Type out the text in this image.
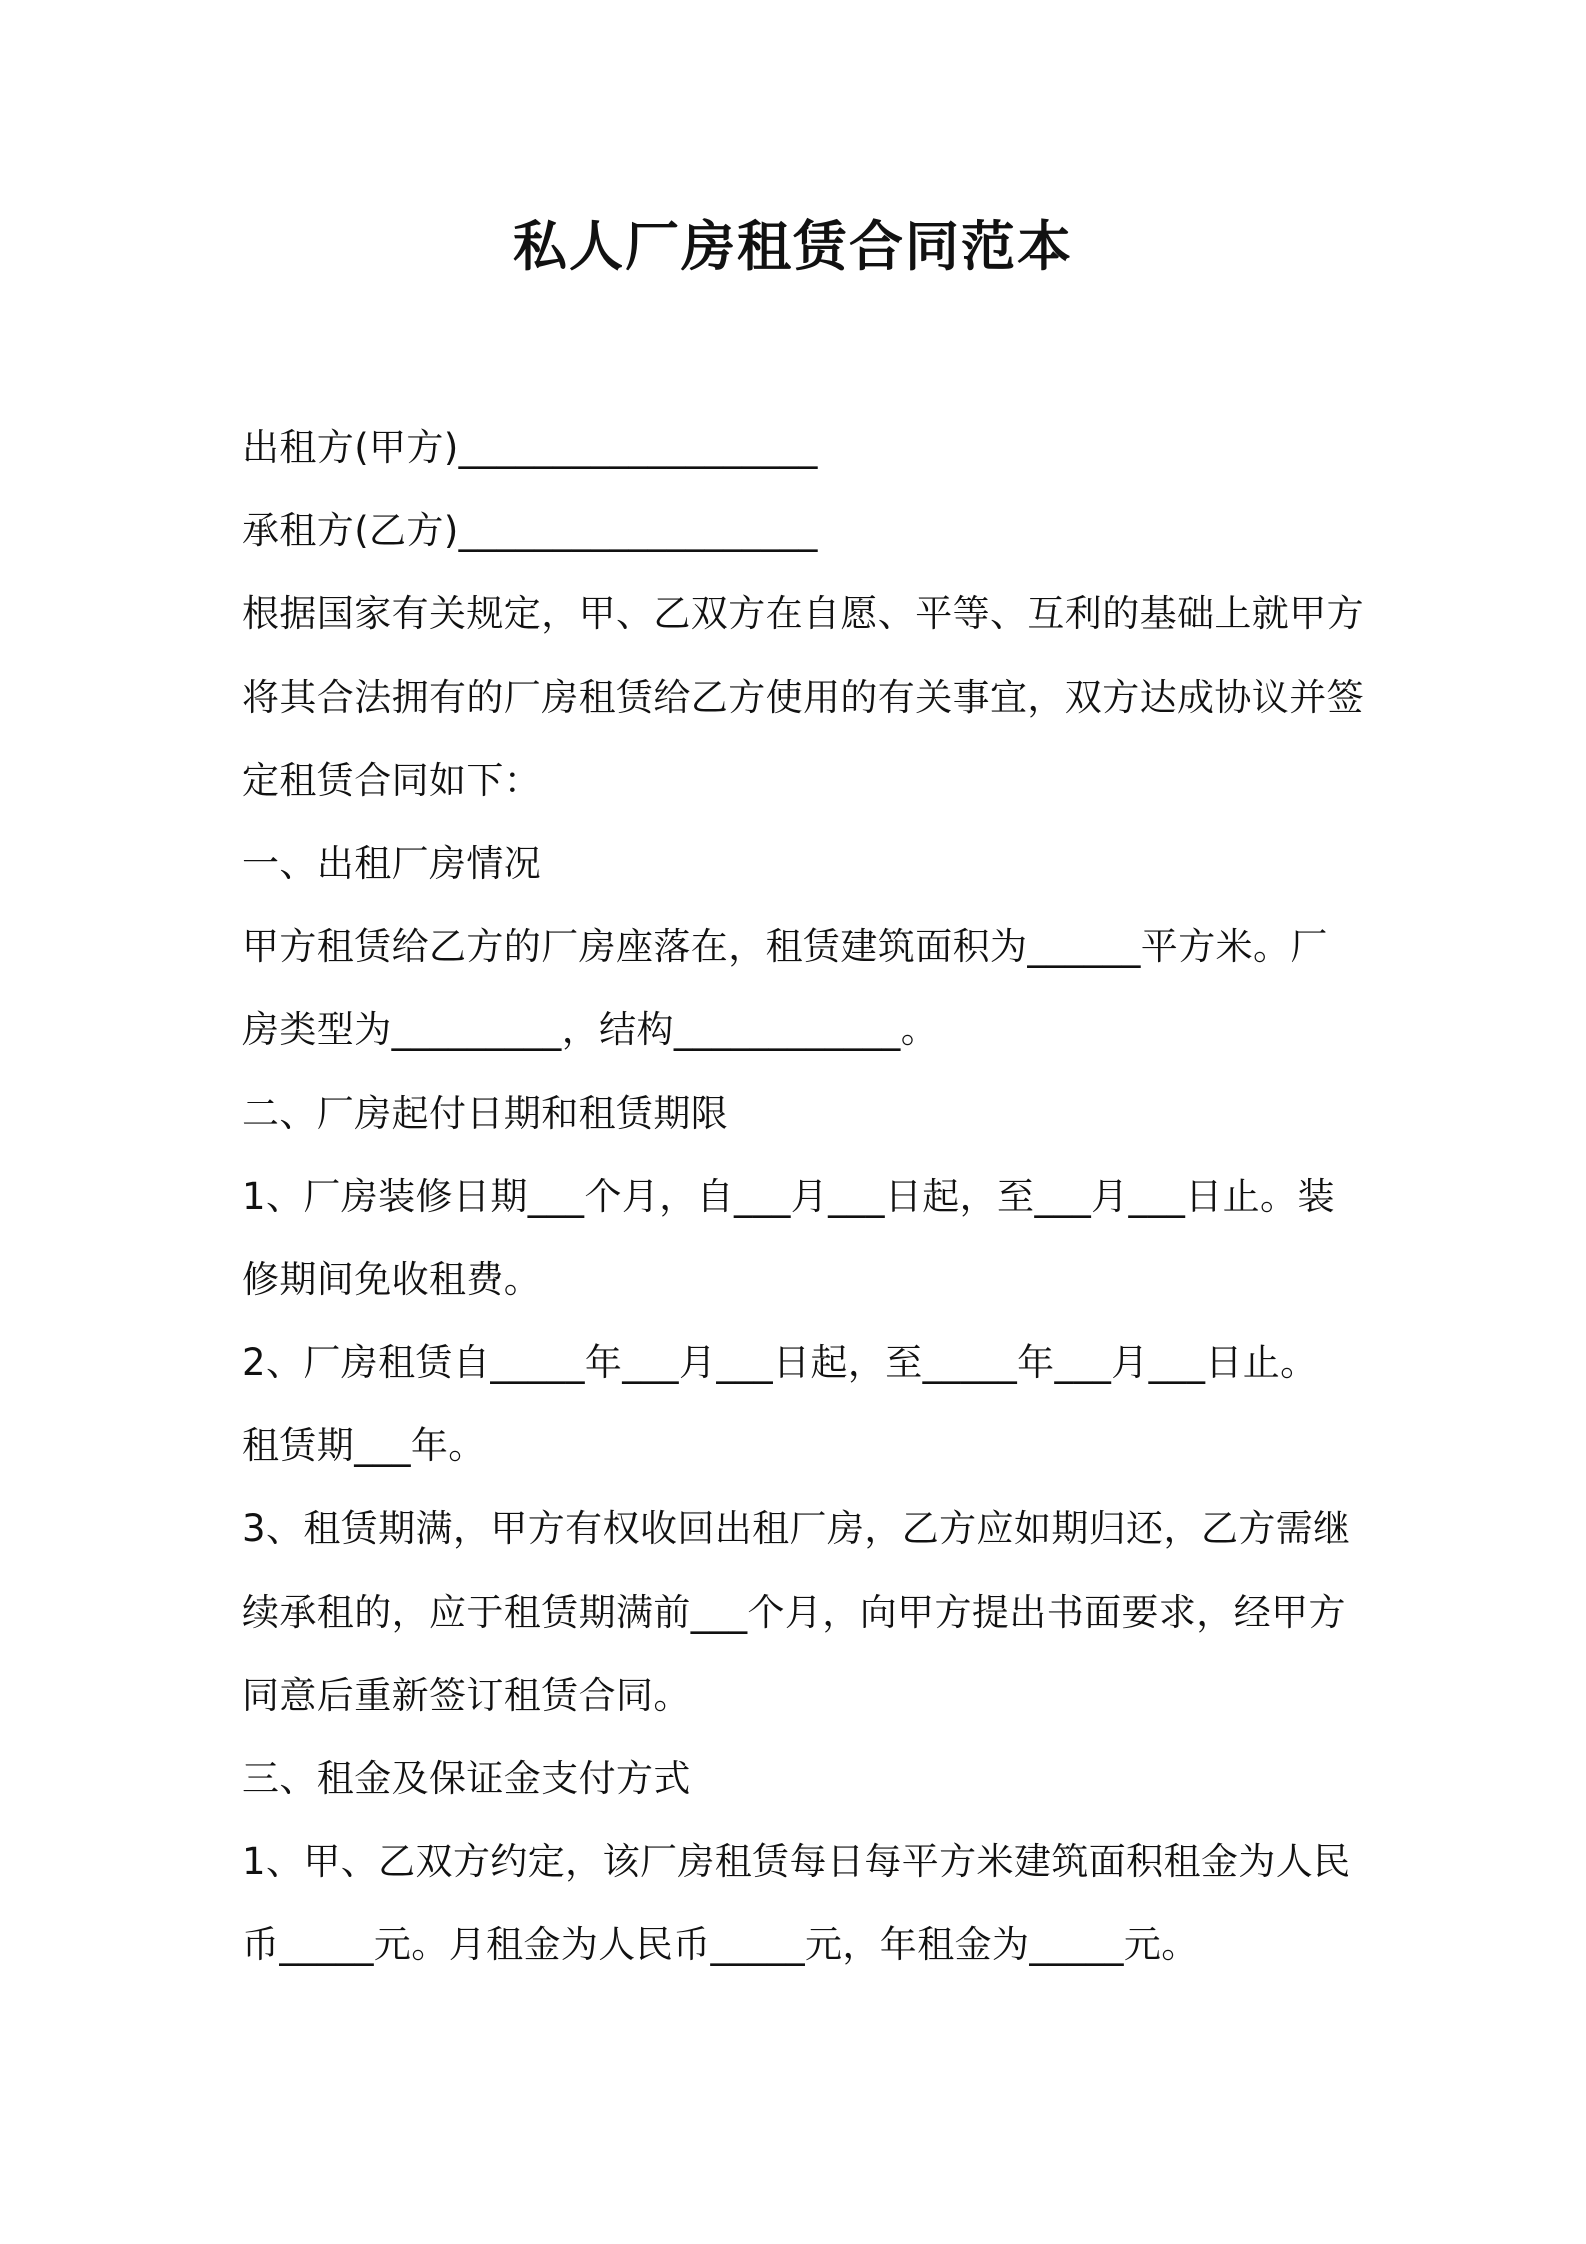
私人厂房租赁合同范本
出租方(甲方)___________________
承租方(乙方)___________________
根据国家有关规定，甲、乙双方在自愿、平等、互利的基础上就甲方
将其合法拥有的厂房租赁给乙方使用的有关事宜，双方达成协议并签
定租赁合同如下：
一、出租厂房情况
甲方租赁给乙方的厂房座落在，租赁建筑面积为______平方米。厂
房类型为_________，结构____________。
二、厂房起付日期和租赁期限
1、厂房装修日期___个月，自___月___日起，至___月___日止。装
修期间免收租费。
2、厂房租赁自_____年___月___日起，至_____年___月___日止。
租赁期___年。
3、租赁期满，甲方有权收回出租厂房，乙方应如期归还，乙方需继
续承租的，应于租赁期满前___个月，向甲方提出书面要求，经甲方
同意后重新签订租赁合同。
三、租金及保证金支付方式
1、甲、乙双方约定，该厂房租赁每日每平方米建筑面积租金为人民
币_____元。月租金为人民币_____元，年租金为_____元。
